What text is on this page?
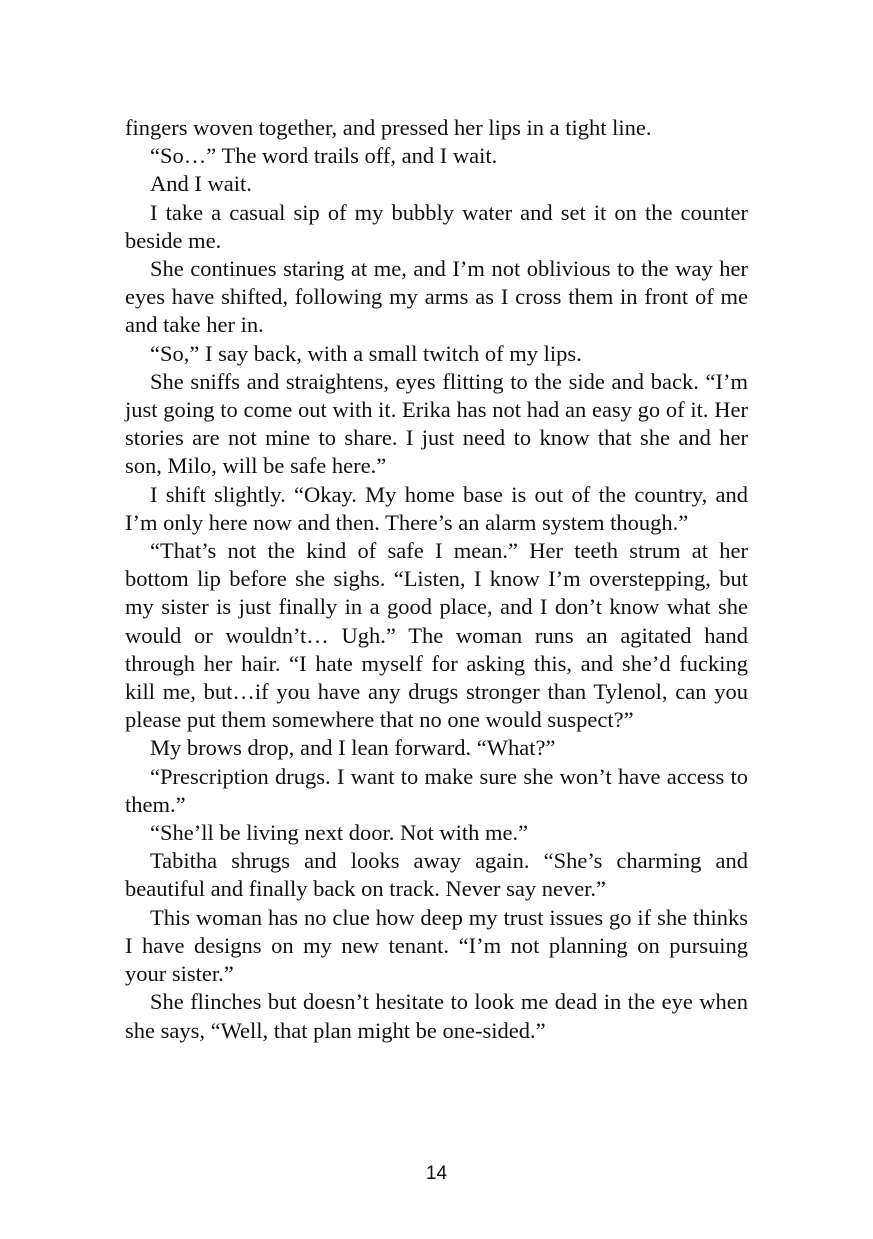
fingers woven together, and pressed her lips in a tight line.

“So…” The word trails off, and I wait.

And I wait.

I take a casual sip of my bubbly water and set it on the counter beside me.

She continues staring at me, and I’m not oblivious to the way her eyes have shifted, following my arms as I cross them in front of me and take her in.

“So,” I say back, with a small twitch of my lips.

She sniffs and straightens, eyes flitting to the side and back. “I’m just going to come out with it. Erika has not had an easy go of it. Her stories are not mine to share. I just need to know that she and her son, Milo, will be safe here.”

I shift slightly. “Okay. My home base is out of the country, and I’m only here now and then. There’s an alarm system though.”

“That’s not the kind of safe I mean.” Her teeth strum at her bottom lip before she sighs. “Listen, I know I’m overstepping, but my sister is just finally in a good place, and I don’t know what she would or wouldn’t… Ugh.” The woman runs an agitated hand through her hair. “I hate myself for asking this, and she’d fucking kill me, but…if you have any drugs stronger than Tylenol, can you please put them somewhere that no one would suspect?”

My brows drop, and I lean forward. “What?”

“Prescription drugs. I want to make sure she won’t have access to them.”

“She’ll be living next door. Not with me.”

Tabitha shrugs and looks away again. “She’s charming and beautiful and finally back on track. Never say never.”

This woman has no clue how deep my trust issues go if she thinks I have designs on my new tenant. “I’m not planning on pursuing your sister.”

She flinches but doesn’t hesitate to look me dead in the eye when she says, “Well, that plan might be one-sided.”

14
